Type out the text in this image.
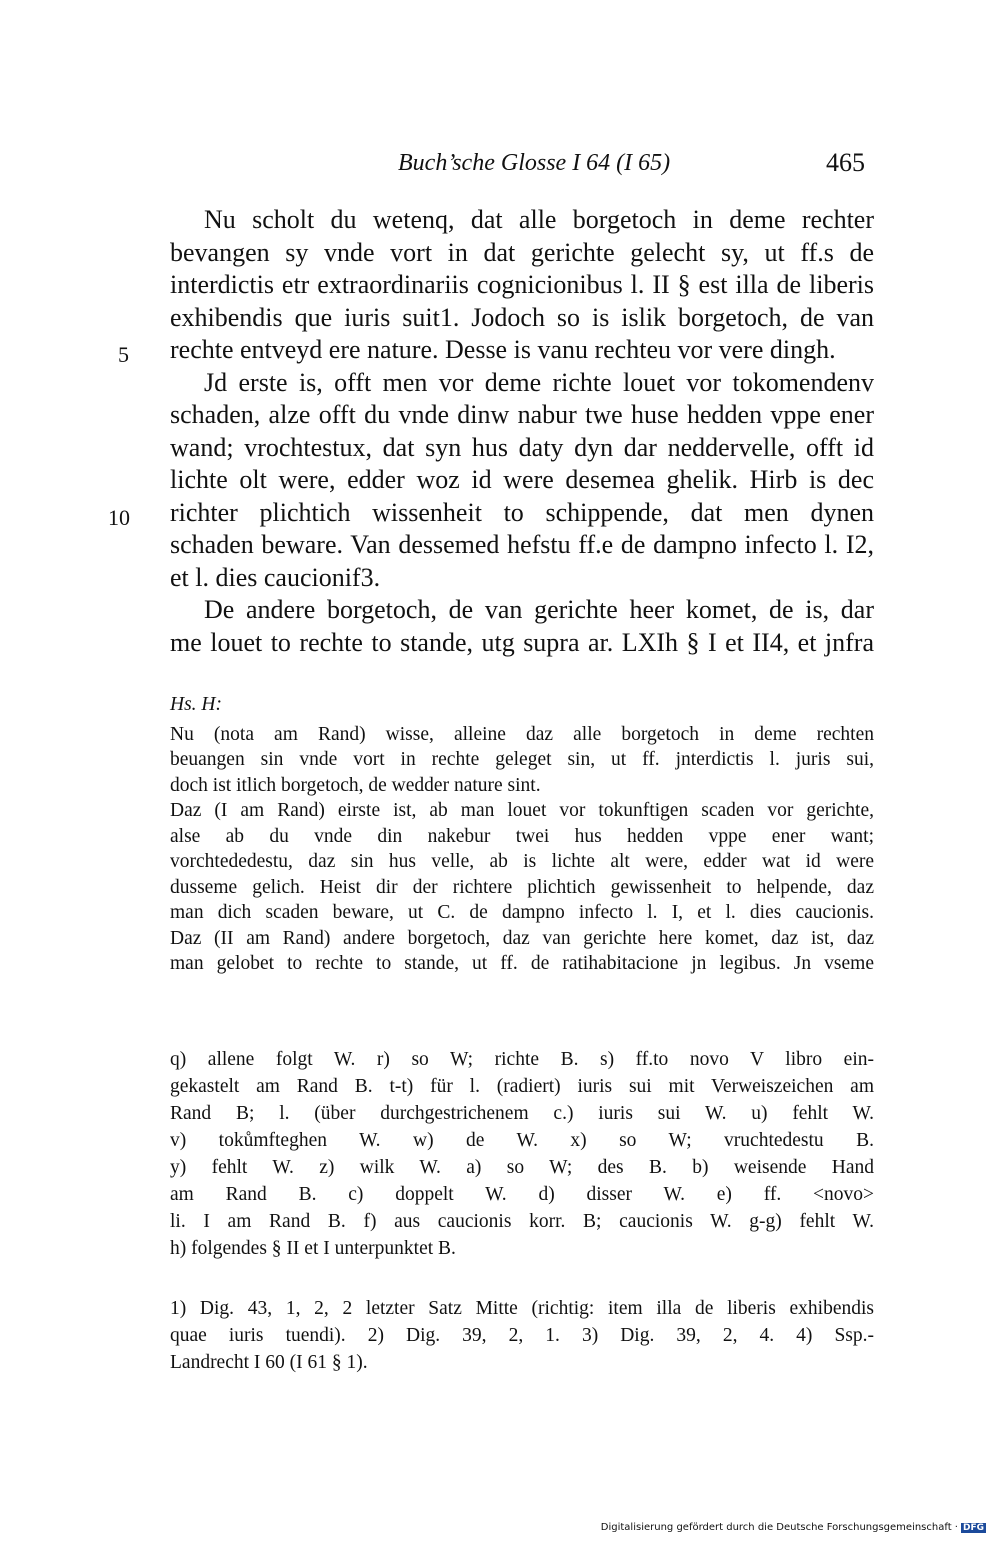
Buch’sche Glosse I 64 (I 65)	465
Nu scholt du wetenq, dat alle borgetoch in deme rechter
bevangen sy vnde vort in dat gerichte gelecht sy, ut ff.s de
interdictis etr extraordinariis cognicionibus l. II § est illa de liberis
exhibendis que iuris suit1. Jodoch so is islik borgetoch, de van
rechte entveyd ere nature. Desse is vanu rechteu vor vere dingh.
Jd erste is, offt men vor deme richte louet vor tokomendenv
schaden, alze offt du vnde dinw nabur twe huse hedden vppe ener
wand; vrochtestux, dat syn hus daty dyn dar neddervelle, offt id
lichte olt were, edder woz id were desemea ghelik. Hirb is dec
richter plichtich wissenheit to schippende, dat men dynen
schaden beware. Van dessemed hefstu ff.e de dampno infecto l. I2,
et l. dies caucionif3.
De andere borgetoch, de van gerichte heer komet, de is, dar
me louet to rechte to stande, utg supra ar. LXIh § I et II4, et jnfra
5
10
Hs. H:
Nu (nota am Rand) wisse, alleine daz alle borgetoch in deme rechten
beuangen sin vnde vort in rechte geleget sin, ut ff. jnterdictis l. juris sui,
doch ist itlich borgetoch, de wedder nature sint.
Daz (I am Rand) eirste ist, ab man louet vor tokunftigen scaden vor gerichte,
alse ab du vnde din nakebur twei hus hedden vppe ener want;
vorchtededestu, daz sin hus velle, ab is lichte alt were, edder wat id were
dusseme gelich. Heist dir der richtere plichtich gewissenheit to helpende, daz
man dich scaden beware, ut C. de dampno infecto l. I, et l. dies caucionis.
Daz (II am Rand) andere borgetoch, daz van gerichte here komet, daz ist, daz
man gelobet to rechte to stande, ut ff. de ratihabitacione jn legibus. Jn vseme
q) allene folgt W. r) so W; richte B. s) ff.to novo V libro ein-
gekastelt am Rand B. t-t) für l. (radiert) iuris sui mit Verweiszeichen am
Rand B; l. (über durchgestrichenem c.) iuris sui W. u) fehlt W.
v) tokůmfteghen W. w) de W. x) so W; vruchtedestu B.
y) fehlt W. z) wilk W. a) so W; des B. b) weisende Hand
am Rand B. c) doppelt W. d) disser W. e) ff. <novo>
li. I am Rand B. f) aus caucionis korr. B; caucionis W. g-g) fehlt W.
h) folgendes § II et I unterpunktet B.
1) Dig. 43, 1, 2, 2 letzter Satz Mitte (richtig: item illa de liberis exhibendis
quae iuris tuendi). 2) Dig. 39, 2, 1. 3) Dig. 39, 2, 4. 4) Ssp.-
Landrecht I 60 (I 61 § 1).
Digitalisierung gefördert durch die Deutsche Forschungsgemeinschaft · DFG
